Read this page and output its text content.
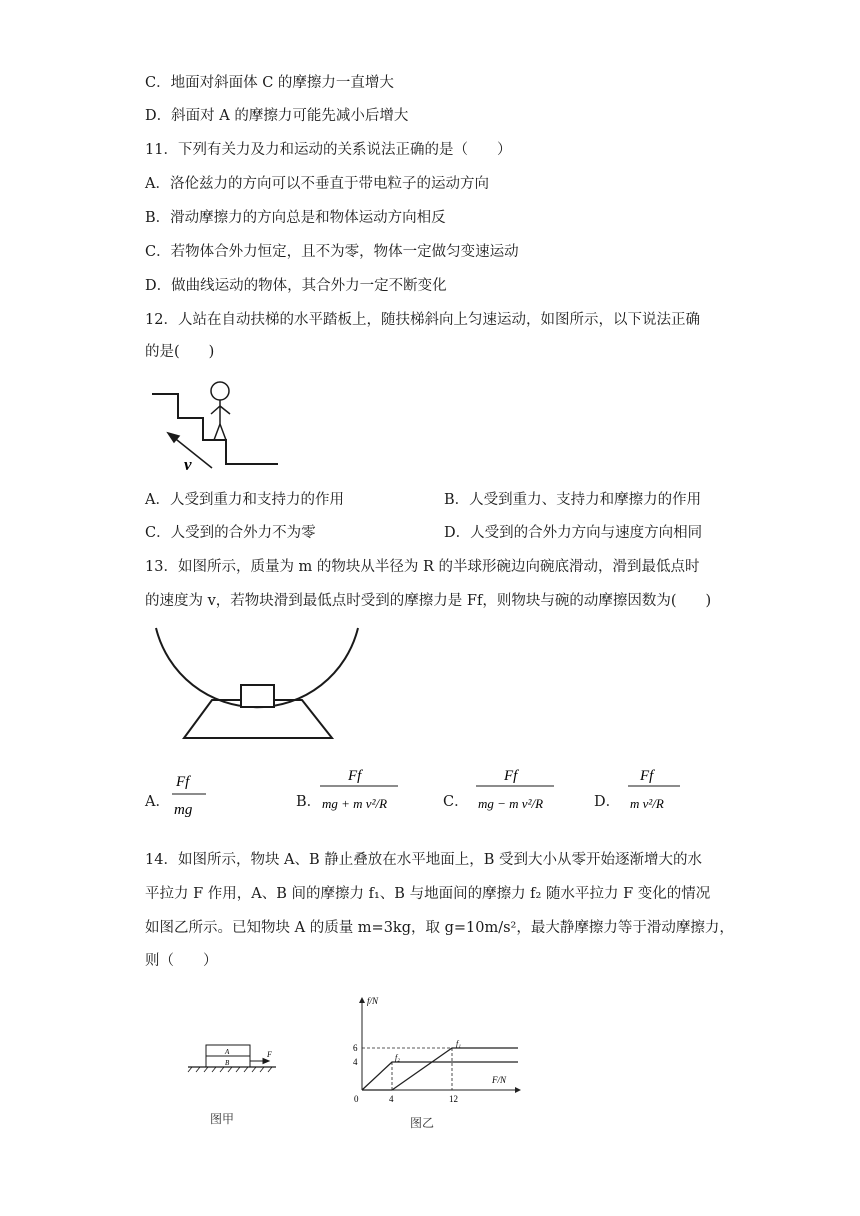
C．地面对斜面体 C 的摩擦力一直增大
D．斜面对 A 的摩擦力可能先减小后增大
11．下列有关力及力和运动的关系说法正确的是（　　）
A．洛伦兹力的方向可以不垂直于带电粒子的运动方向
B．滑动摩擦力的方向总是和物体运动方向相反
C．若物体合外力恒定，且不为零，物体一定做匀变速运动
D．做曲线运动的物体，其合外力一定不断变化
12．人站在自动扶梯的水平踏板上，随扶梯斜向上匀速运动，如图所示，以下说法正确
的是(　　)
v
A．人受到重力和支持力的作用	B．人受到重力、支持力和摩擦力的作用
C．人受到的合外力不为零	D．人受到的合外力方向与速度方向相同
13．如图所示，质量为 m 的物块从半径为 R 的半球形碗边向碗底滑动，滑到最低点时
的速度为 v，若物块滑到最低点时受到的摩擦力是 Ff，则物块与碗的动摩擦因数为(　　)
A．
Ff
mg	B．
Ff
mg + m v²/R	C．
Ff
mg − m v²/R	D．
Ff
m v²/R
14．如图所示，物块 A、B 静止叠放在水平地面上，B 受到大小从零开始逐渐增大的水
平拉力 F 作用，A、B 间的摩擦力 f₁、B 与地面间的摩擦力 f₂ 随水平拉力 F 变化的情况
如图乙所示。已知物块 A 的质量 m=3kg，取 g=10m/s²，最大静摩擦力等于滑动摩擦力，
则（　　）
A
B
F
图甲
f/N
F/N
0	4	12
4
6
f₂
f₁
图乙
